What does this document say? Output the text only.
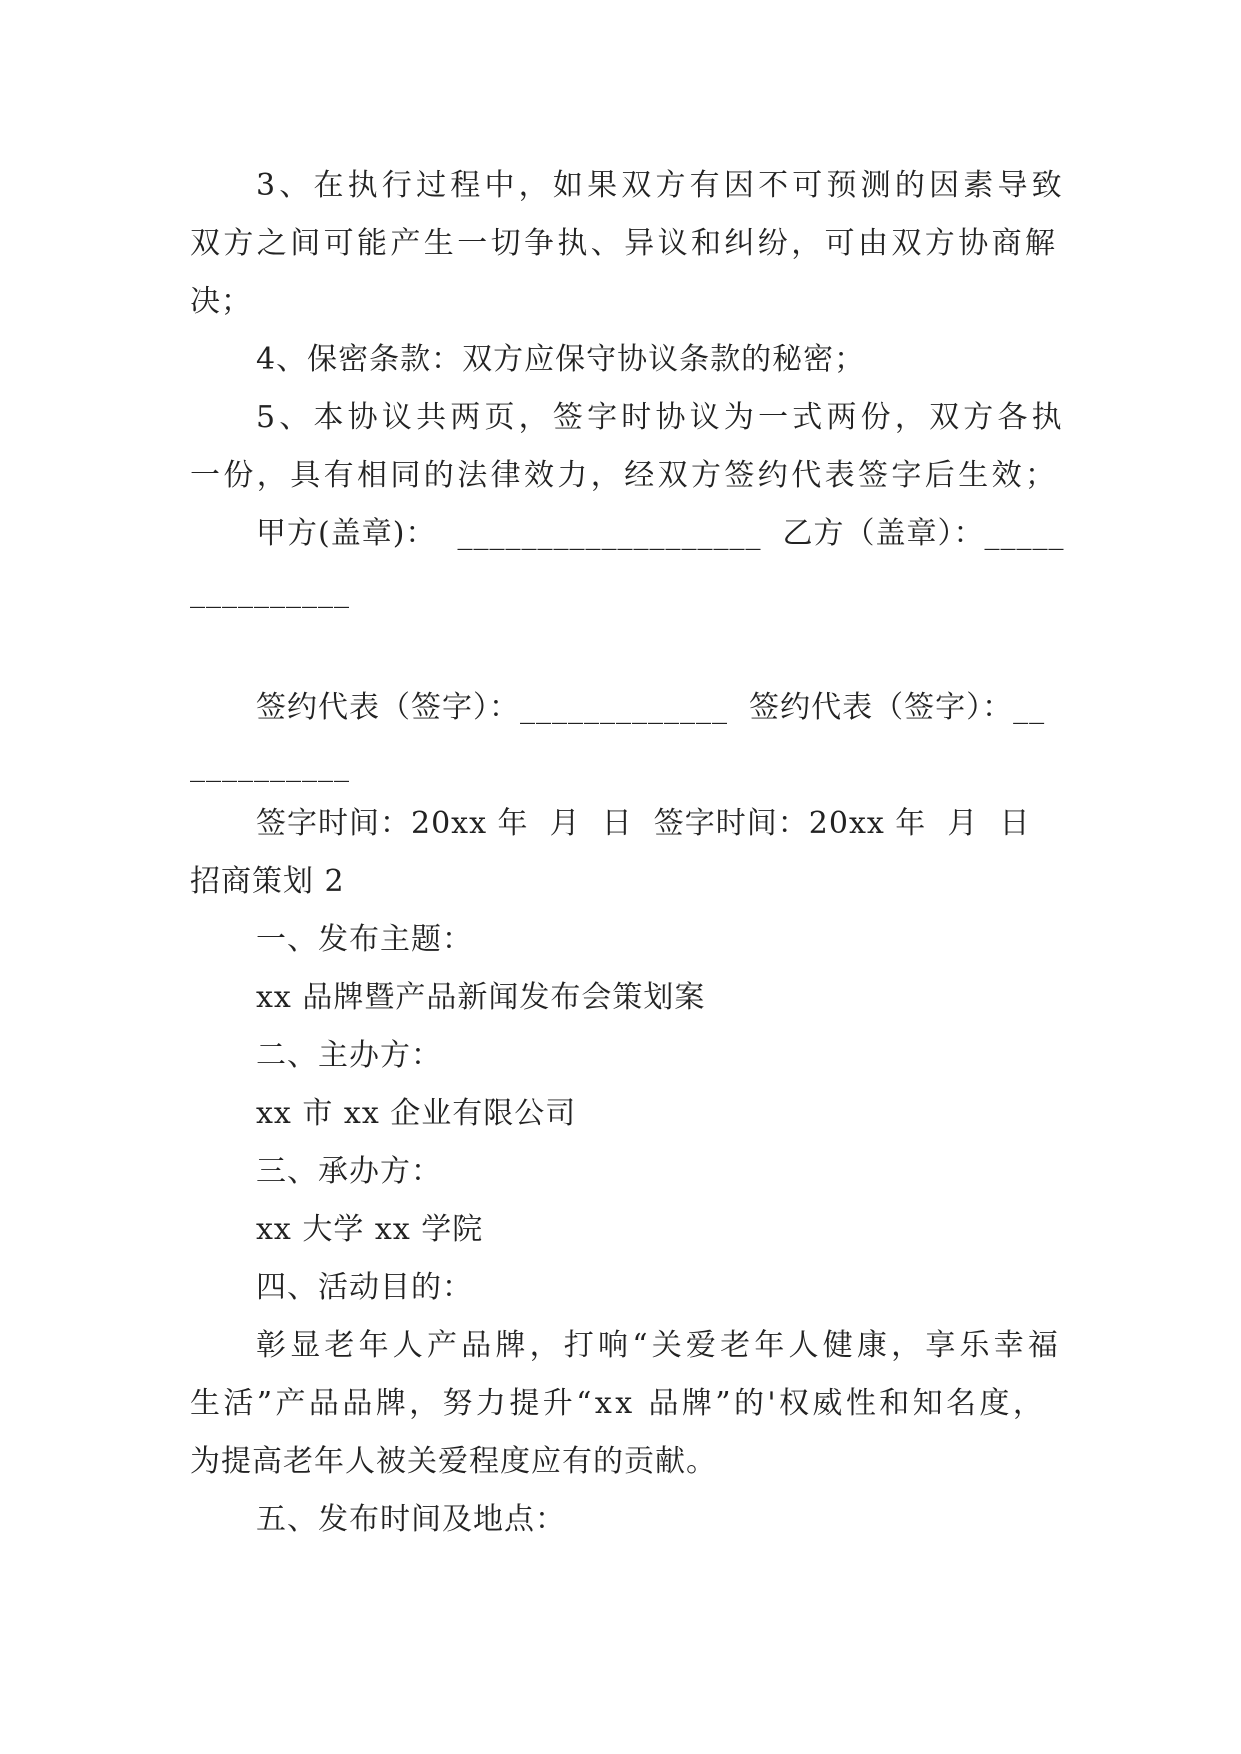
3、在执行过程中，如果双方有因不可预测的因素导致
双方之间可能产生一切争执、异议和纠纷，可由双方协商解
决；
4、保密条款：双方应保守协议条款的秘密；
5、本协议共两页，签字时协议为一式两份，双方各执
一份，具有相同的法律效力，经双方签约代表签字后生效；
甲方(盖章)：  ___________________  乙方（盖章）：_____
__________
签约代表（签字）：_____________  签约代表（签字）：__
__________
签字时间：20xx 年  月  日  签字时间：20xx 年  月  日
招商策划 2
一、发布主题：
xx 品牌暨产品新闻发布会策划案
二、主办方：
xx 市 xx 企业有限公司
三、承办方：
xx 大学 xx 学院
四、活动目的：
彰显老年人产品牌，打响“关爱老年人健康，享乐幸福
生活”产品品牌，努力提升“xx 品牌”的'权威性和知名度，
为提高老年人被关爱程度应有的贡献。
五、发布时间及地点：
